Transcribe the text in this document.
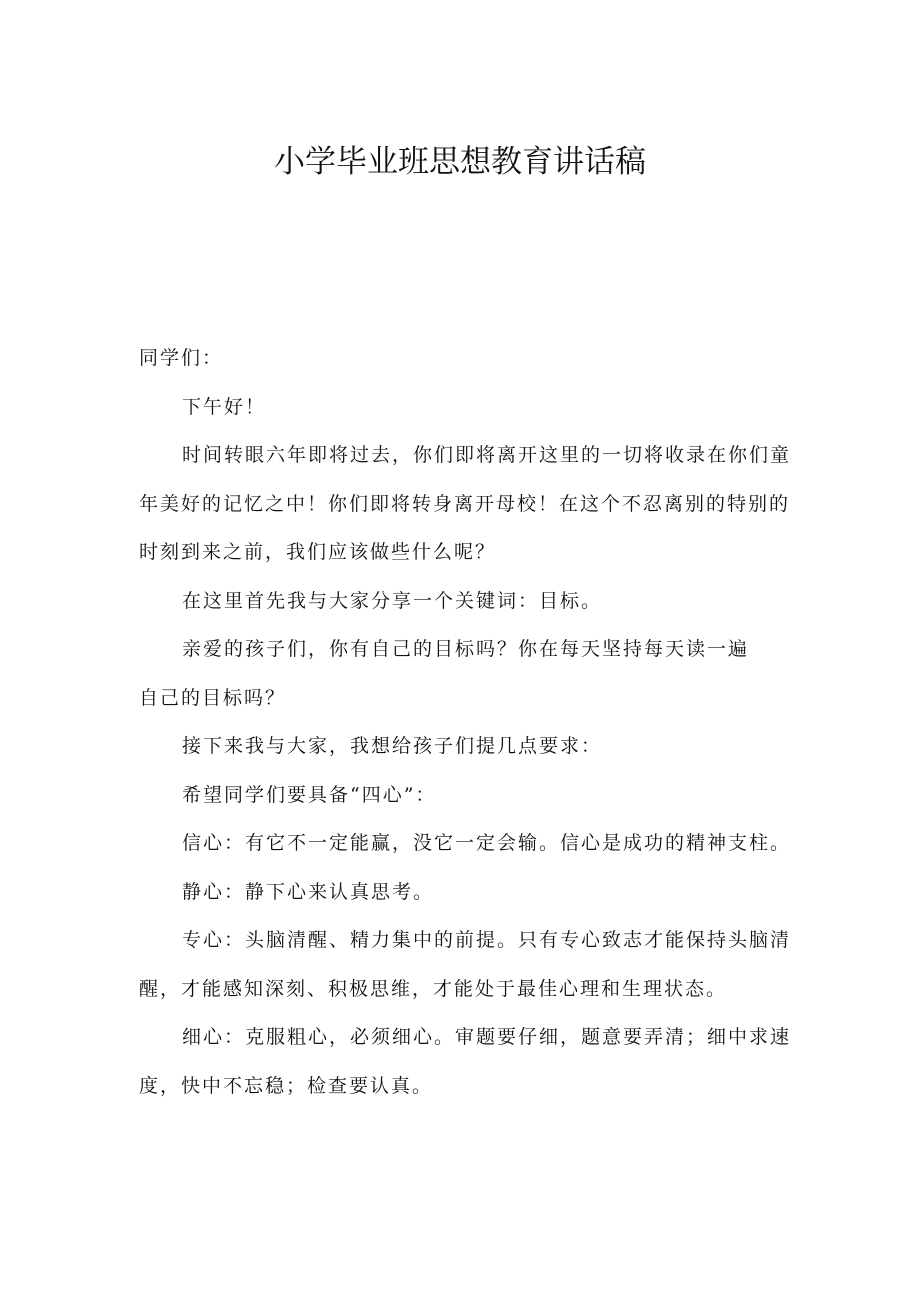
小学毕业班思想教育讲话稿

同学们：

下午好！

时间转眼六年即将过去，你们即将离开这里的一切将收录在你们童年美好的记忆之中！你们即将转身离开母校！在这个不忍离别的特别的时刻到来之前，我们应该做些什么呢？

在这里首先我与大家分享一个关键词：目标。

亲爱的孩子们，你有自己的目标吗？你在每天坚持每天读一遍

自己的目标吗？

接下来我与大家，我想给孩子们提几点要求：

希望同学们要具备“四心”：

信心：有它不一定能赢，没它一定会输。信心是成功的精神支柱。

静心：静下心来认真思考。

专心：头脑清醒、精力集中的前提。只有专心致志才能保持头脑清醒，才能感知深刻、积极思维，才能处于最佳心理和生理状态。

细心：克服粗心，必须细心。审题要仔细，题意要弄清；细中求速度，快中不忘稳；检查要认真。
